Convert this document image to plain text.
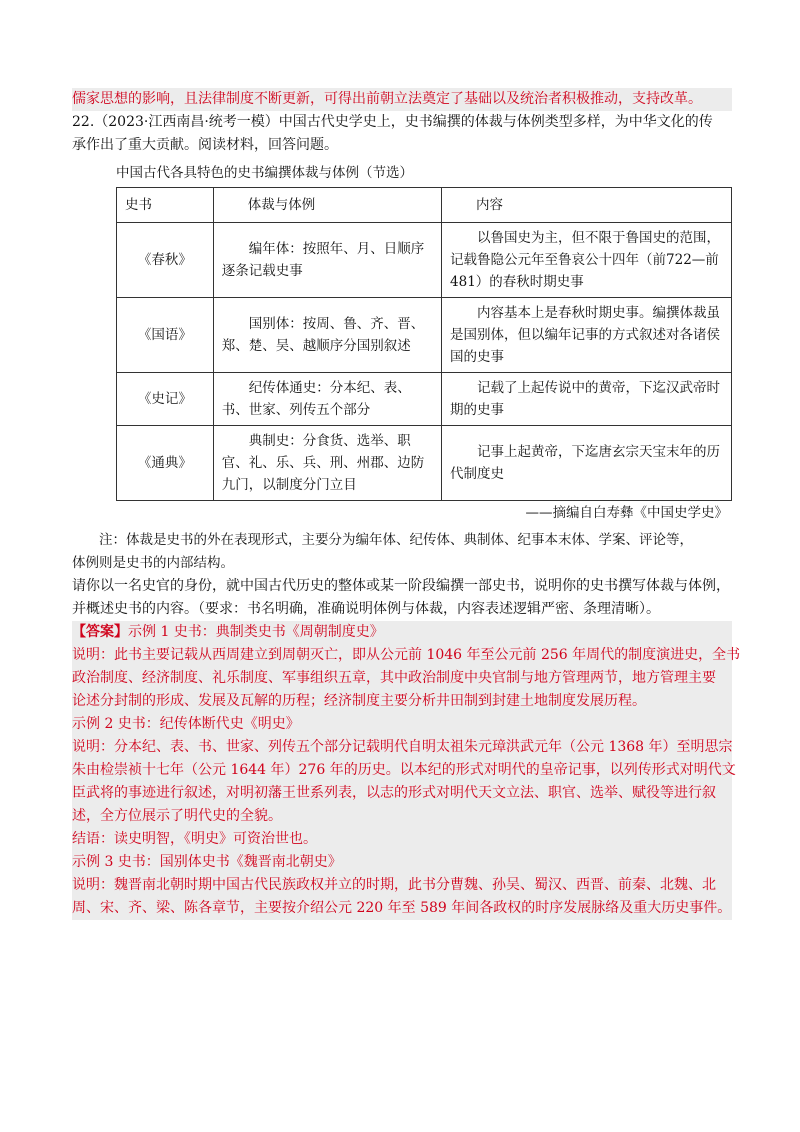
儒家思想的影响，且法律制度不断更新，可得出前朝立法奠定了基础以及统治者积极推动，支持改革。
22.（2023·江西南昌·统考一模）中国古代史学史上，史书编撰的体裁与体例类型多样，为中华文化的传
承作出了重大贡献。阅读材料，回答问题。
中国古代各具特色的史书编撰体裁与体例（节选）
史书	体裁与体例	内容
《春秋》	编年体：按照年、月、日顺序逐条记载史事	以鲁国史为主，但不限于鲁国史的范围，记载鲁隐公元年至鲁哀公十四年（前722—前481）的春秋时期史事
《国语》	国别体：按周、鲁、齐、晋、郑、楚、吴、越顺序分国别叙述	内容基本上是春秋时期史事。编撰体裁虽是国别体，但以编年记事的方式叙述对各诸侯国的史事
《史记》	纪传体通史：分本纪、表、书、世家、列传五个部分	记载了上起传说中的黄帝，下迄汉武帝时期的史事
《通典》	典制史：分食货、选举、职官、礼、乐、兵、刑、州郡、边防九门，以制度分门立目	记事上起黄帝，下迄唐玄宗天宝末年的历代制度史
——摘编自白寿彝《中国史学史》
注：体裁是史书的外在表现形式，主要分为编年体、纪传体、典制体、纪事本末体、学案、评论等，
体例则是史书的内部结构。
请你以一名史官的身份，就中国古代历史的整体或某一阶段编撰一部史书，说明你的史书撰写体裁与体例，
并概述史书的内容。（要求：书名明确，准确说明体例与体裁，内容表述逻辑严密、条理清晰）。
【答案】示例 1 史书：典制类史书《周朝制度史》
说明：此书主要记载从西周建立到周朝灭亡，即从公元前 1046 年至公元前 256 年周代的制度演进史，全书
政治制度、经济制度、礼乐制度、军事组织五章，其中政治制度中央官制与地方管理两节，地方管理主要
论述分封制的形成、发展及瓦解的历程；经济制度主要分析井田制到封建土地制度发展历程。
示例 2 史书：纪传体断代史《明史》
说明：分本纪、表、书、世家、列传五个部分记载明代自明太祖朱元璋洪武元年（公元 1368 年）至明思宗
朱由检崇祯十七年（公元 1644 年）276 年的历史。以本纪的形式对明代的皇帝记事，以列传形式对明代文
臣武将的事迹进行叙述，对明初藩王世系列表，以志的形式对明代天文立法、职官、选举、赋役等进行叙
述，全方位展示了明代史的全貌。
结语：读史明智，《明史》可资治世也。
示例 3 史书：国别体史书《魏晋南北朝史》
说明：魏晋南北朝时期中国古代民族政权并立的时期，此书分曹魏、孙吴、蜀汉、西晋、前秦、北魏、北
周、宋、齐、梁、陈各章节，主要按介绍公元 220 年至 589 年间各政权的时序发展脉络及重大历史事件。
